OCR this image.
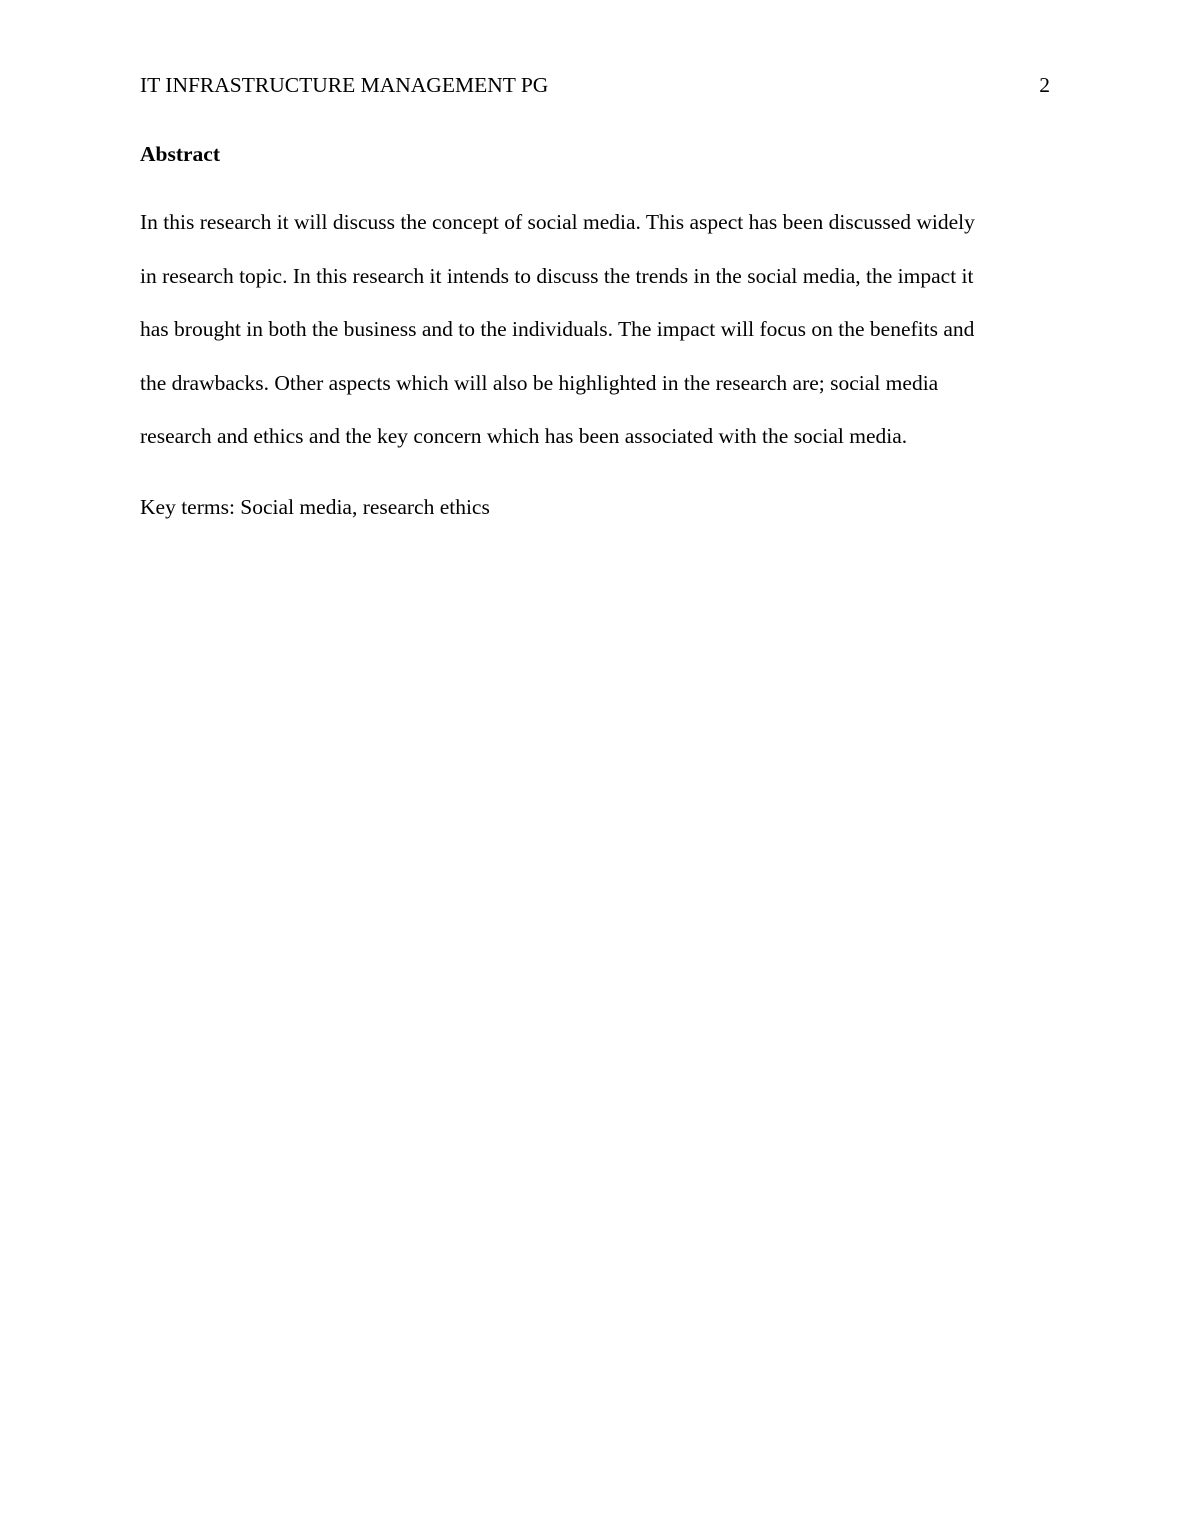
IT INFRASTRUCTURE MANAGEMENT PG	2
Abstract
In this research it will discuss the concept of social media. This aspect has been discussed widely
in research topic. In this research it intends to discuss the trends in the social media, the impact it
has brought in both the business and to the individuals. The impact will focus on the benefits and
the drawbacks. Other aspects which will also be highlighted in the research are; social media
research and ethics and the key concern which has been associated with the social media.
Key terms: Social media, research ethics
